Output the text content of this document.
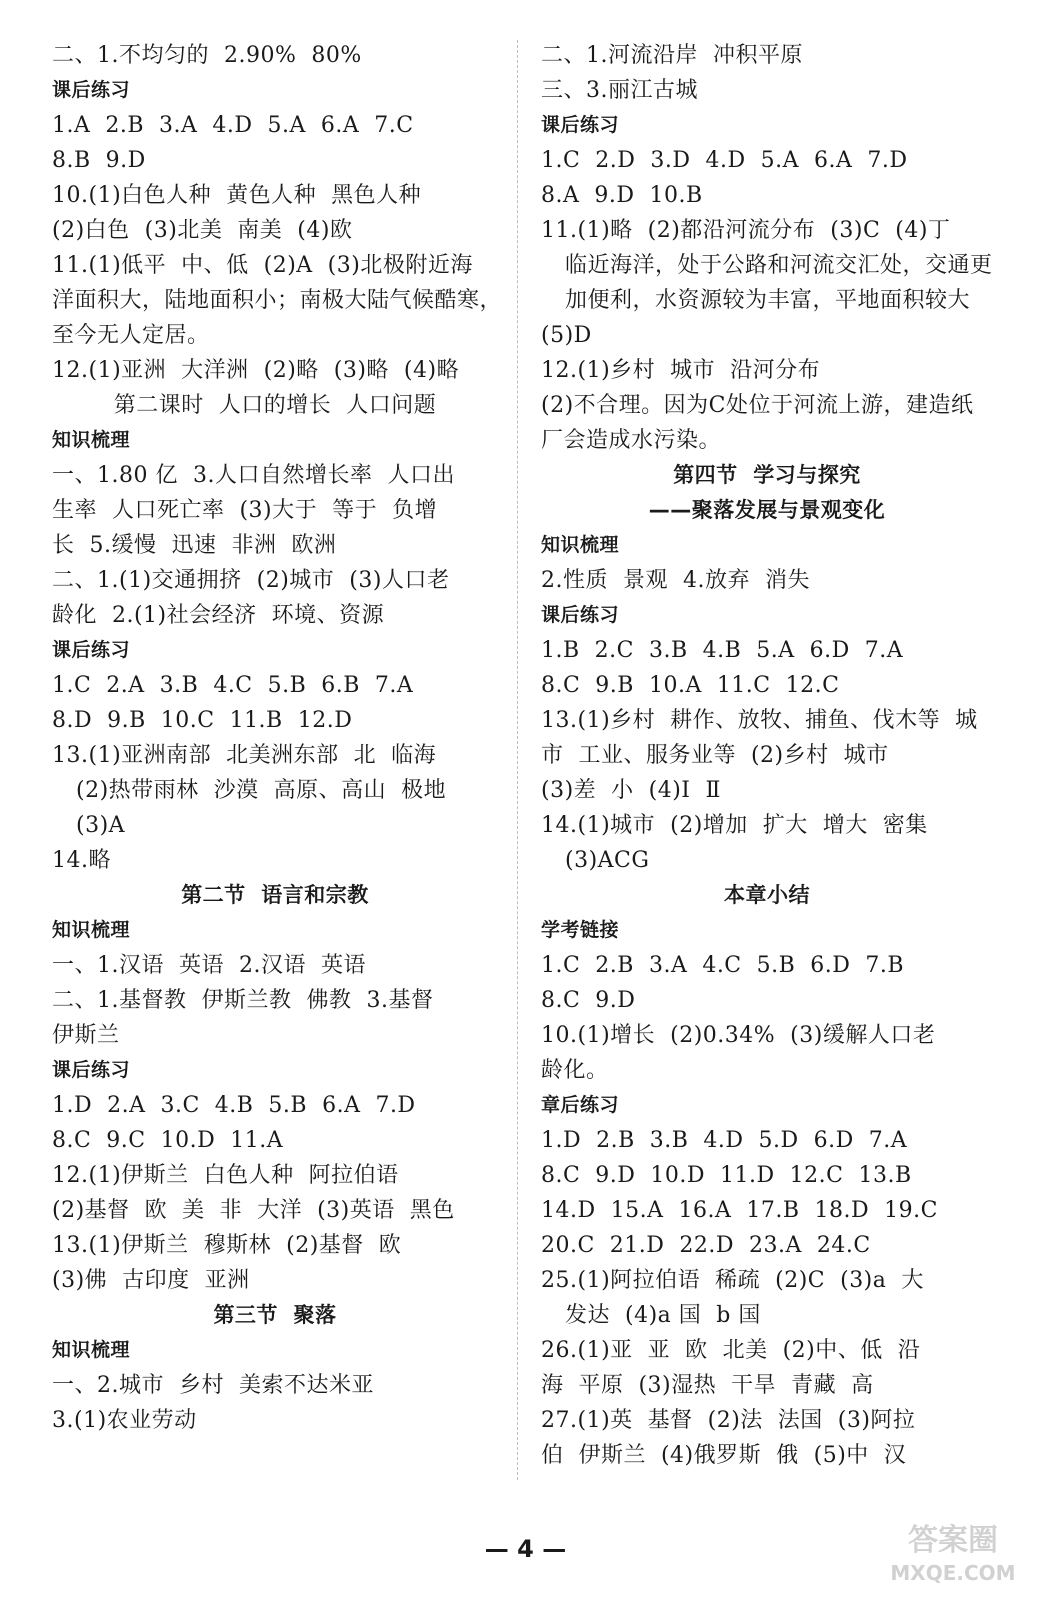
二、1.不均匀的  2.90%  80%
课后练习
1.A  2.B  3.A  4.D  5.A  6.A  7.C
8.B  9.D
10.(1)白色人种  黄色人种  黑色人种
(2)白色  (3)北美  南美  (4)欧
11.(1)低平  中、低  (2)A  (3)北极附近海
洋面积大，陆地面积小；南极大陆气候酷寒，
至今无人定居。
12.(1)亚洲  大洋洲  (2)略  (3)略  (4)略
第二课时  人口的增长  人口问题
知识梳理
一、1.80 亿  3.人口自然增长率  人口出
生率  人口死亡率  (3)大于  等于  负增
长  5.缓慢  迅速  非洲  欧洲
二、1.(1)交通拥挤  (2)城市  (3)人口老
龄化  2.(1)社会经济  环境、资源
课后练习
1.C  2.A  3.B  4.C  5.B  6.B  7.A
8.D  9.B  10.C  11.B  12.D
13.(1)亚洲南部  北美洲东部  北  临海
(2)热带雨林  沙漠  高原、高山  极地
(3)A
14.略
第二节  语言和宗教
知识梳理
一、1.汉语  英语  2.汉语  英语
二、1.基督教  伊斯兰教  佛教  3.基督
伊斯兰
课后练习
1.D  2.A  3.C  4.B  5.B  6.A  7.D
8.C  9.C  10.D  11.A
12.(1)伊斯兰  白色人种  阿拉伯语
(2)基督  欧  美  非  大洋  (3)英语  黑色
13.(1)伊斯兰  穆斯林  (2)基督  欧
(3)佛  古印度  亚洲
第三节  聚落
知识梳理
一、2.城市  乡村  美索不达米亚
3.(1)农业劳动
二、1.河流沿岸  冲积平原
三、3.丽江古城
课后练习
1.C  2.D  3.D  4.D  5.A  6.A  7.D
8.A  9.D  10.B
11.(1)略  (2)都沿河流分布  (3)C  (4)丁
临近海洋，处于公路和河流交汇处，交通更
加便利，水资源较为丰富，平地面积较大
(5)D
12.(1)乡村  城市  沿河分布
(2)不合理。因为C处位于河流上游，建造纸
厂会造成水污染。
第四节  学习与探究
——聚落发展与景观变化
知识梳理
2.性质  景观  4.放弃  消失
课后练习
1.B  2.C  3.B  4.B  5.A  6.D  7.A
8.C  9.B  10.A  11.C  12.C
13.(1)乡村  耕作、放牧、捕鱼、伐木等  城
市  工业、服务业等  (2)乡村  城市
(3)差  小  (4)Ⅰ  Ⅱ
14.(1)城市  (2)增加  扩大  增大  密集
(3)ACG
本章小结
学考链接
1.C  2.B  3.A  4.C  5.B  6.D  7.B
8.C  9.D
10.(1)增长  (2)0.34%  (3)缓解人口老
龄化。
章后练习
1.D  2.B  3.B  4.D  5.D  6.D  7.A
8.C  9.D  10.D  11.D  12.C  13.B
14.D  15.A  16.A  17.B  18.D  19.C
20.C  21.D  22.D  23.A  24.C
25.(1)阿拉伯语  稀疏  (2)C  (3)a  大
发达  (4)a 国  b 国
26.(1)亚  亚  欧  北美  (2)中、低  沿
海  平原  (3)湿热  干旱  青藏  高
27.(1)英  基督  (2)法  法国  (3)阿拉
伯  伊斯兰  (4)俄罗斯  俄  (5)中  汉
— 4 —	答案圈
MXQE.COM
